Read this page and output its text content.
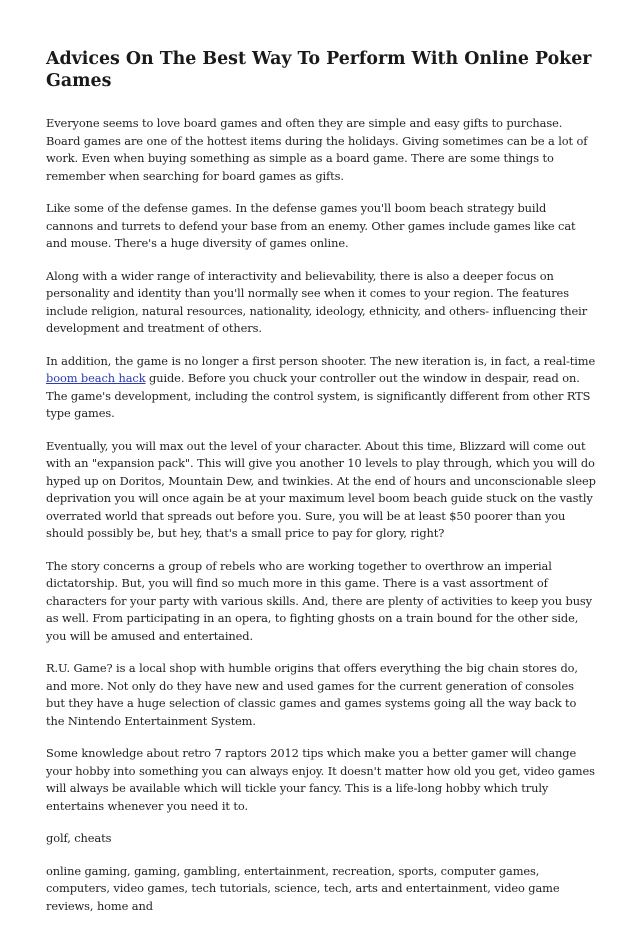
Advices On The Best Way To Perform With Online Poker Games

Everyone seems to love board games and often they are simple and easy gifts to purchase. Board games are one of the hottest items during the holidays. Giving sometimes can be a lot of work. Even when buying something as simple as a board game. There are some things to remember when searching for board games as gifts.

Like some of the defense games. In the defense games you'll boom beach strategy build cannons and turrets to defend your base from an enemy. Other games include games like cat and mouse. There's a huge diversity of games online.

Along with a wider range of interactivity and believability, there is also a deeper focus on personality and identity than you'll normally see when it comes to your region. The features include religion, natural resources, nationality, ideology, ethnicity, and others- influencing their development and treatment of others.

In addition, the game is no longer a first person shooter. The new iteration is, in fact, a real-time boom beach hack guide. Before you chuck your controller out the window in despair, read on. The game's development, including the control system, is significantly different from other RTS type games.

Eventually, you will max out the level of your character. About this time, Blizzard will come out with an "expansion pack". This will give you another 10 levels to play through, which you will do hyped up on Doritos, Mountain Dew, and twinkies. At the end of hours and unconscionable sleep deprivation you will once again be at your maximum level boom beach guide stuck on the vastly overrated world that spreads out before you. Sure, you will be at least $50 poorer than you should possibly be, but hey, that's a small price to pay for glory, right?

The story concerns a group of rebels who are working together to overthrow an imperial dictatorship. But, you will find so much more in this game. There is a vast assortment of characters for your party with various skills. And, there are plenty of activities to keep you busy as well. From participating in an opera, to fighting ghosts on a train bound for the other side, you will be amused and entertained.

R.U. Game? is a local shop with humble origins that offers everything the big chain stores do, and more. Not only do they have new and used games for the current generation of consoles but they have a huge selection of classic games and games systems going all the way back to the Nintendo Entertainment System.

Some knowledge about retro 7 raptors 2012 tips which make you a better gamer will change your hobby into something you can always enjoy. It doesn't matter how old you get, video games will always be available which will tickle your fancy. This is a life-long hobby which truly entertains whenever you need it to.

golf, cheats

online gaming, gaming, gambling, entertainment, recreation, sports, computer games, computers, video games, tech tutorials, science, tech, arts and entertainment, video game reviews, home and
